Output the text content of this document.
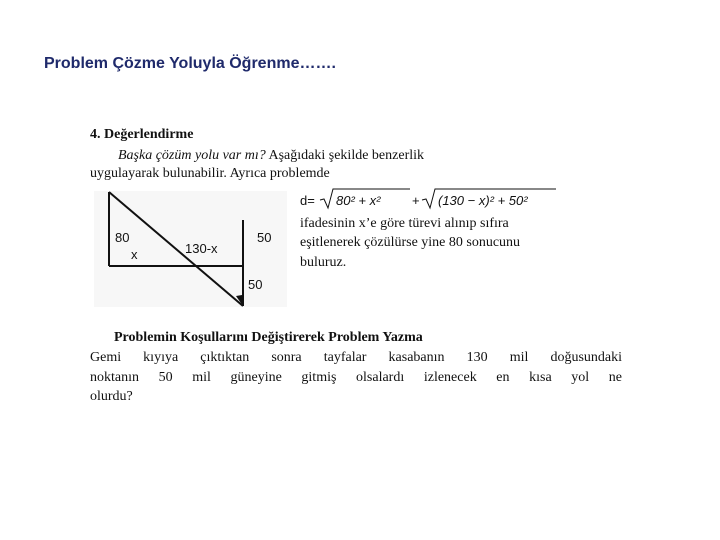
Problem Çözme Yoluyla Öğrenme…….
4. Değerlendirme
Başka çözüm yolu var mı? Aşağıdaki şekilde benzerlik
uygulayarak bulunabilir. Ayrıca problemde
d= 80² + x² + (130 − x)² + 50²
ifadesinin x’e göre türevi alınıp sıfıra
eşitlenerek çözülürse yine 80 sonucunu
buluruz.
80
x	130-x
50
50
Problemin Koşullarını Değiştirerek Problem Yazma
Gemi kıyıya çıktıktan sonra tayfalar kasabanın 130 mil doğusundaki
noktanın 50 mil güneyine gitmiş olsalardı izlenecek en kısa yol ne
olurdu?
